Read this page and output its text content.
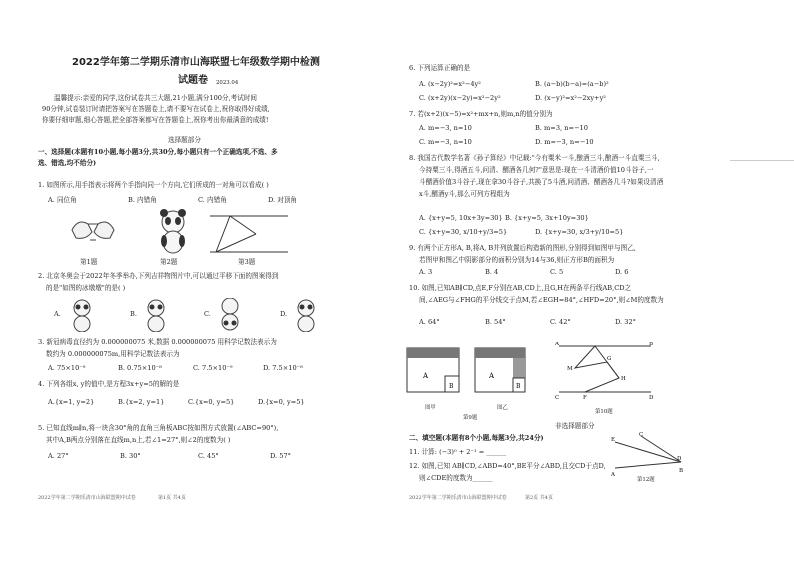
2022学年第二学期乐清市山海联盟七年级数学期中检测
试题卷 2023.04
温馨提示:亲爱的同学,这份试卷共三大题,21小题,满分100分,考试时间
90分钟,试卷装订时请把答案写在答题卷上,请不要写在试卷上,祝你取得好成绩,
你要仔细审题,细心答题,把全部答案都写在答题卷上,祝你考出你最满意的成绩!
选择题部分
一、选择题(本题有10小题,每小题3分,共30分,每小题只有一个正确选项,不选、多
选、错选,均不给分)
1. 如图所示,用手指表示将两个手指向同一个方向,它们所成的一对角可以看成( )
A. 同位角	B. 内错角	C. 内错角	D. 对顶角
第1题	第2题	第3题
2. 北京冬奥会于2022年冬季举办,下列吉祥物图片中,可以通过平移下面的图案得到
的是"如图的冰墩墩"的是( )
A.	B.	C.	D.
3. 新冠病毒直径约为 0.000000075 米,数据 0.000000075 用科学记数法表示为
数约为 0.000000075m,用科学记数法表示为
A. 75×10⁻⁹	B. 0.75×10⁻⁸	C. 7.5×10⁻⁹	D. 7.5×10⁻⁸
4. 下列各组x, y的值中,是方程3x+y=5的解的是
A.{x=1, y=2}	B.{x=2, y=1}	C.{x=0, y=5}	D.{x=0, y=5}
5. 已知直线m∥n,将一块含30°角的直角三角板ABC按如图方式放置(∠ABC=90°),
其中A,B两点分别落在直线m,n上,若∠1=27°,则∠2的度数为( )
A. 27°	B. 30°	C. 45°	D. 57°
2022学年第二学期乐清市山海联盟期中试卷	第1页 共4页
6. 下列运算正确的是
A. (x−2y)²=x²−4y²	B. (a−b)(b−a)=(a−b)²
C. (x+2y)(x−2y)=x²−2y²	D. (x−y)²=x²−2xy+y²
7. 若(x+2)(x−5)=x²+mx+n,则m,n的值分别为
A. m=−3, n=10	B. m=3, n=−10
C. m=−3, n=10	D. m=−3, n=−10
8. 我国古代数学名著《孙子算经》中记载:"今有粟米一斗,酿酒三斗,酿酒一斗直粟三斗,
今持粟三斗,得酒五斗,问清、醑酒各几何?"意思是:现在一斗清酒价值10斗谷子,一
斗醑酒价值3斗谷子,现在拿30斗谷子,共换了5斗酒,问清酒、醑酒各几斗?如果设清酒
x斗,醑酒y斗,那么可列方程组为
A. {x+y=5, 10x+3y=30} B. {x+y=5, 3x+10y=30}
C. {x+y=30, x/10+y/3=5}	D. {x+y=30, x/3+y/10=5}
9. 有两个正方形A, B,将A, B并列放置后构造新的图形,分别得到如图甲与图乙,
若图甲和图乙中阴影部分的面积分别为14与36,则正方形B的面积为
A. 3	B. 4	C. 5	D. 6
10. 如图,已知AB∥CD,点E,F分别在AB,CD上,且G,H在两条平行线AB,CD之
间,∠AEG与∠FHG的平分线交于点M,若∠EGH=84°,∠HFD=20°,则∠M的度数为
A. 64°	B. 54°	C. 42°	D. 32°
A
B
A
B
图甲	图乙
第9题
A	B
M
H
G
C	F	D
第10题
非选择题部分
二、填空题(本题有8个小题,每题3分,共24分)
11. 计算: (−3)⁰ + 2⁻¹ = ______
12. 如图,已知 AB∥CD,∠ABD=40°,BE平分∠ABD,且交CD于点D,
则∠CDE的度数为______
E
C
D
A
B
第12题
2022学年第二学期乐清市山海联盟期中试卷	第2页 共4页
